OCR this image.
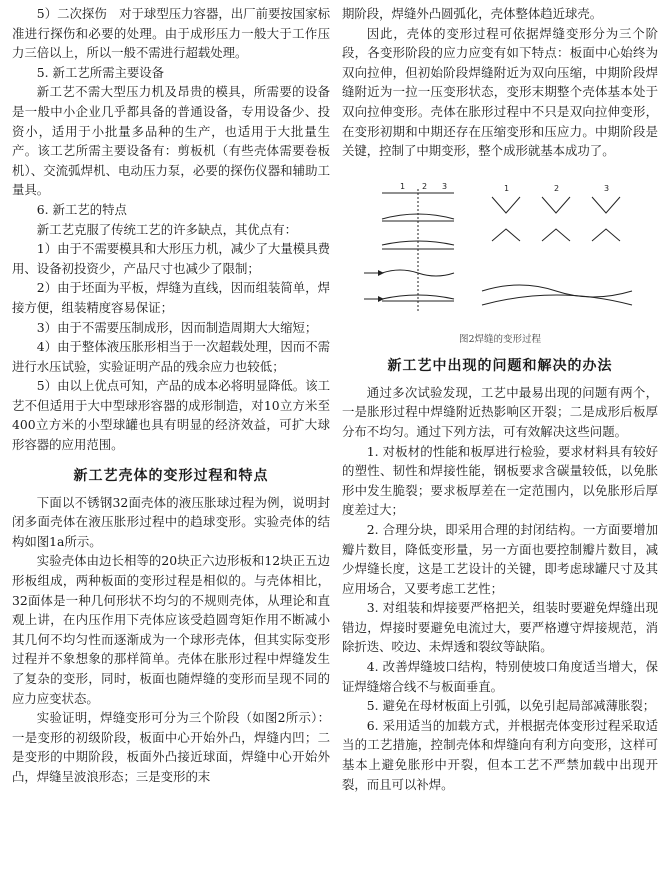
5）二次探伤　对于球型压力容器，出厂前要按国家标准进行探伤和必要的处理。由于成形压力一般大于工作压力三倍以上，所以一般不需进行超载处理。

5. 新工艺所需主要设备

新工艺不需大型压力机及昂贵的模具，所需要的设备是一般中小企业几乎都具备的普通设备，专用设备少、投资小，适用于小批量多品种的生产，也适用于大批量生产。该工艺所需主要设备有：剪板机（有些壳体需要卷板机）、交流弧焊机、电动压力泵，必要的探伤仪器和辅助工量具。

6. 新工艺的特点

新工艺克服了传统工艺的许多缺点，其优点有：

1）由于不需要模具和大形压力机，减少了大量模具费用、设备初投资少，产品尺寸也减少了限制；

2）由于坯面为平板，焊缝为直线，因而组装简单，焊接方便，组装精度容易保证；

3）由于不需要压制成形，因而制造周期大大缩短；

4）由于整体液压胀形相当于一次超载处理，因而不需进行水压试验，实验证明产品的残余应力也较低；

5）由以上优点可知，产品的成本必将明显降低。该工艺不但适用于大中型球形容器的成形制造，对10立方米至400立方米的小型球罐也具有明显的经济效益，可扩大球形容器的应用范围。

新工艺壳体的变形过程和特点

下面以不锈钢32面壳体的液压胀球过程为例，说明封闭多面壳体在液压胀形过程中的趋球变形。实验壳体的结构如图1a所示。

实验壳体由边长相等的20块正六边形板和12块正五边形板组成，两种板面的变形过程是相似的。与壳体相比，32面体是一种几何形状不均匀的不规则壳体，从理论和直观上讲，在内压作用下壳体应该受趋圆弯矩作用不断减小其几何不均匀性而逐渐成为一个球形壳体，但其实际变形过程并不象想象的那样简单。壳体在胀形过程中焊缝发生了复杂的变形，同时，板面也随焊缝的变形而呈现不同的应力应变状态。

实验证明，焊缝变形可分为三个阶段（如图2所示）：一是变形的初级阶段，板面中心开始外凸，焊缝内凹；二是变形的中期阶段，板面外凸接近球面，焊缝中心开始外凸，焊缝呈波浪形态；三是变形的末

期阶段，焊缝外凸圆弧化，壳体整体趋近球壳。

因此，壳体的变形过程可依据焊缝变形分为三个阶段，各变形阶段的应力应变有如下特点：板面中心始终为双向拉伸，但初始阶段焊缝附近为双向压缩，中期阶段焊缝附近为一拉一压变形状态，变形末期整个壳体基本处于双向拉伸变形。壳体在胀形过程中不只是双向拉伸变形，在变形初期和中期还存在压缩变形和压应力。中期阶段是关键，控制了中期变形，整个成形就基本成功了。

1 2 3	1	2	3
图2焊缝的变形过程
新工艺中出现的问题和解决的办法

通过多次试验发现，工艺中最易出现的问题有两个，一是胀形过程中焊缝附近热影响区开裂；二是成形后板厚分布不均匀。通过下列方法，可有效解决这些问题。

1. 对板材的性能和板厚进行检验，要求材料具有较好的塑性、韧性和焊接性能，钢板要求含碳量较低，以免胀形中发生脆裂；要求板厚差在一定范围内，以免胀形后厚度差过大；

2. 合理分块，即采用合理的封闭结构。一方面要增加瓣片数目，降低变形量，另一方面也要控制瓣片数目，减少焊缝长度，这是工艺设计的关键，即考虑球罐尺寸及其应用场合，又要考虑工艺性；

3. 对组装和焊接要严格把关，组装时要避免焊缝出现错边，焊接时要避免电流过大，要严格遵守焊接规范，消除折迭、咬边、未焊透和裂纹等缺陷。

4. 改善焊缝坡口结构，特别使坡口角度适当增大，保证焊缝熔合线不与板面垂直。

5. 避免在母材板面上引弧，以免引起局部减薄胀裂；

6. 采用适当的加载方式，并根据壳体变形过程采取适当的工艺措施，控制壳体和焊缝向有利方向变形，这样可基本上避免胀形中开裂，但本工艺不严禁加载中出现开裂，而且可以补焊。
